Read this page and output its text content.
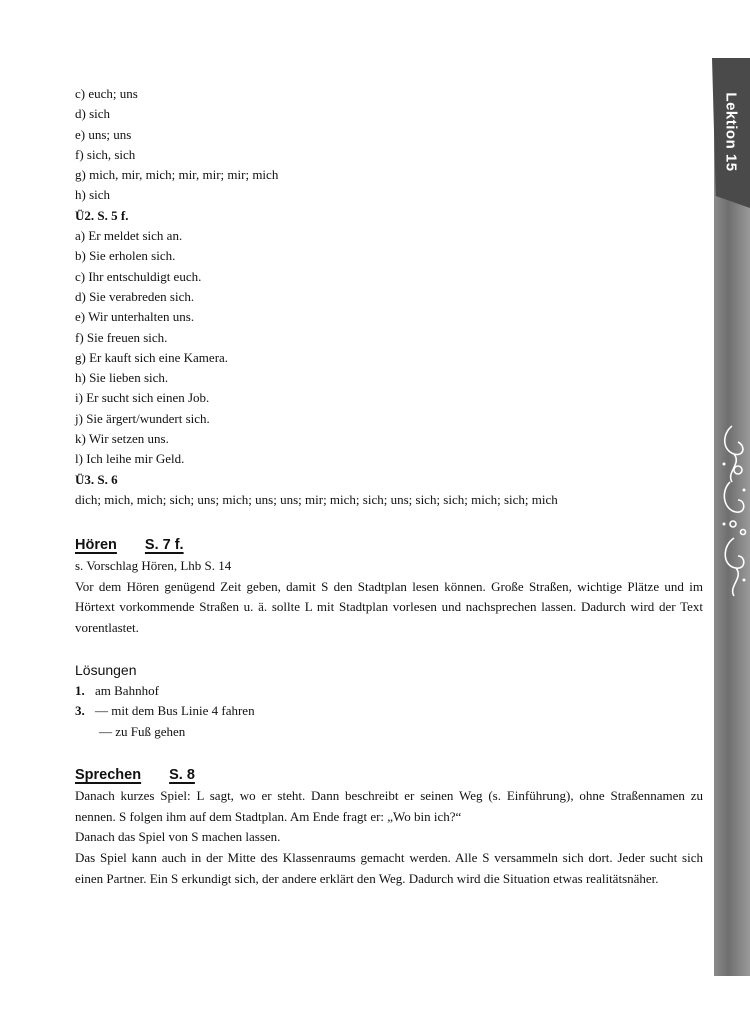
Lektion 15
c) euch; uns
d) sich
e) uns; uns
f) sich, sich
g) mich, mir, mich; mir, mir; mir; mich
h) sich
Ü2. S. 5 f.
a) Er meldet sich an.
b) Sie erholen sich.
c) Ihr entschuldigt euch.
d) Sie verabreden sich.
e) Wir unterhalten uns.
f) Sie freuen sich.
g) Er kauft sich eine Kamera.
h) Sie lieben sich.
i) Er sucht sich einen Job.
j) Sie ärgert/wundert sich.
k) Wir setzen uns.
l) Ich leihe mir Geld.
Ü3. S. 6
dich; mich, mich; sich; uns; mich; uns; uns; mir; mich; sich; uns; sich; sich; mich; sich; mich
Hören S. 7 f.
s. Vorschlag Hören, Lhb S. 14
Vor dem Hören genügend Zeit geben, damit S den Stadtplan lesen können. Große Straßen, wichtige Plätze und im Hörtext vorkommende Straßen u. ä. sollte L mit Stadtplan vorlesen und nachsprechen lassen. Dadurch wird der Text vorentlastet.
Lösungen
1. am Bahnhof
3. — mit dem Bus Linie 4 fahren
— zu Fuß gehen
Sprechen S. 8
Danach kurzes Spiel: L sagt, wo er steht. Dann beschreibt er seinen Weg (s. Einführung), ohne Straßennamen zu nennen. S folgen ihm auf dem Stadtplan. Am Ende fragt er: „Wo bin ich?“
Danach das Spiel von S machen lassen.
Das Spiel kann auch in der Mitte des Klassenraums gemacht werden. Alle S versammeln sich dort. Jeder sucht sich einen Partner. Ein S erkundigt sich, der andere erklärt den Weg. Dadurch wird die Situation etwas realitätsnäher.
